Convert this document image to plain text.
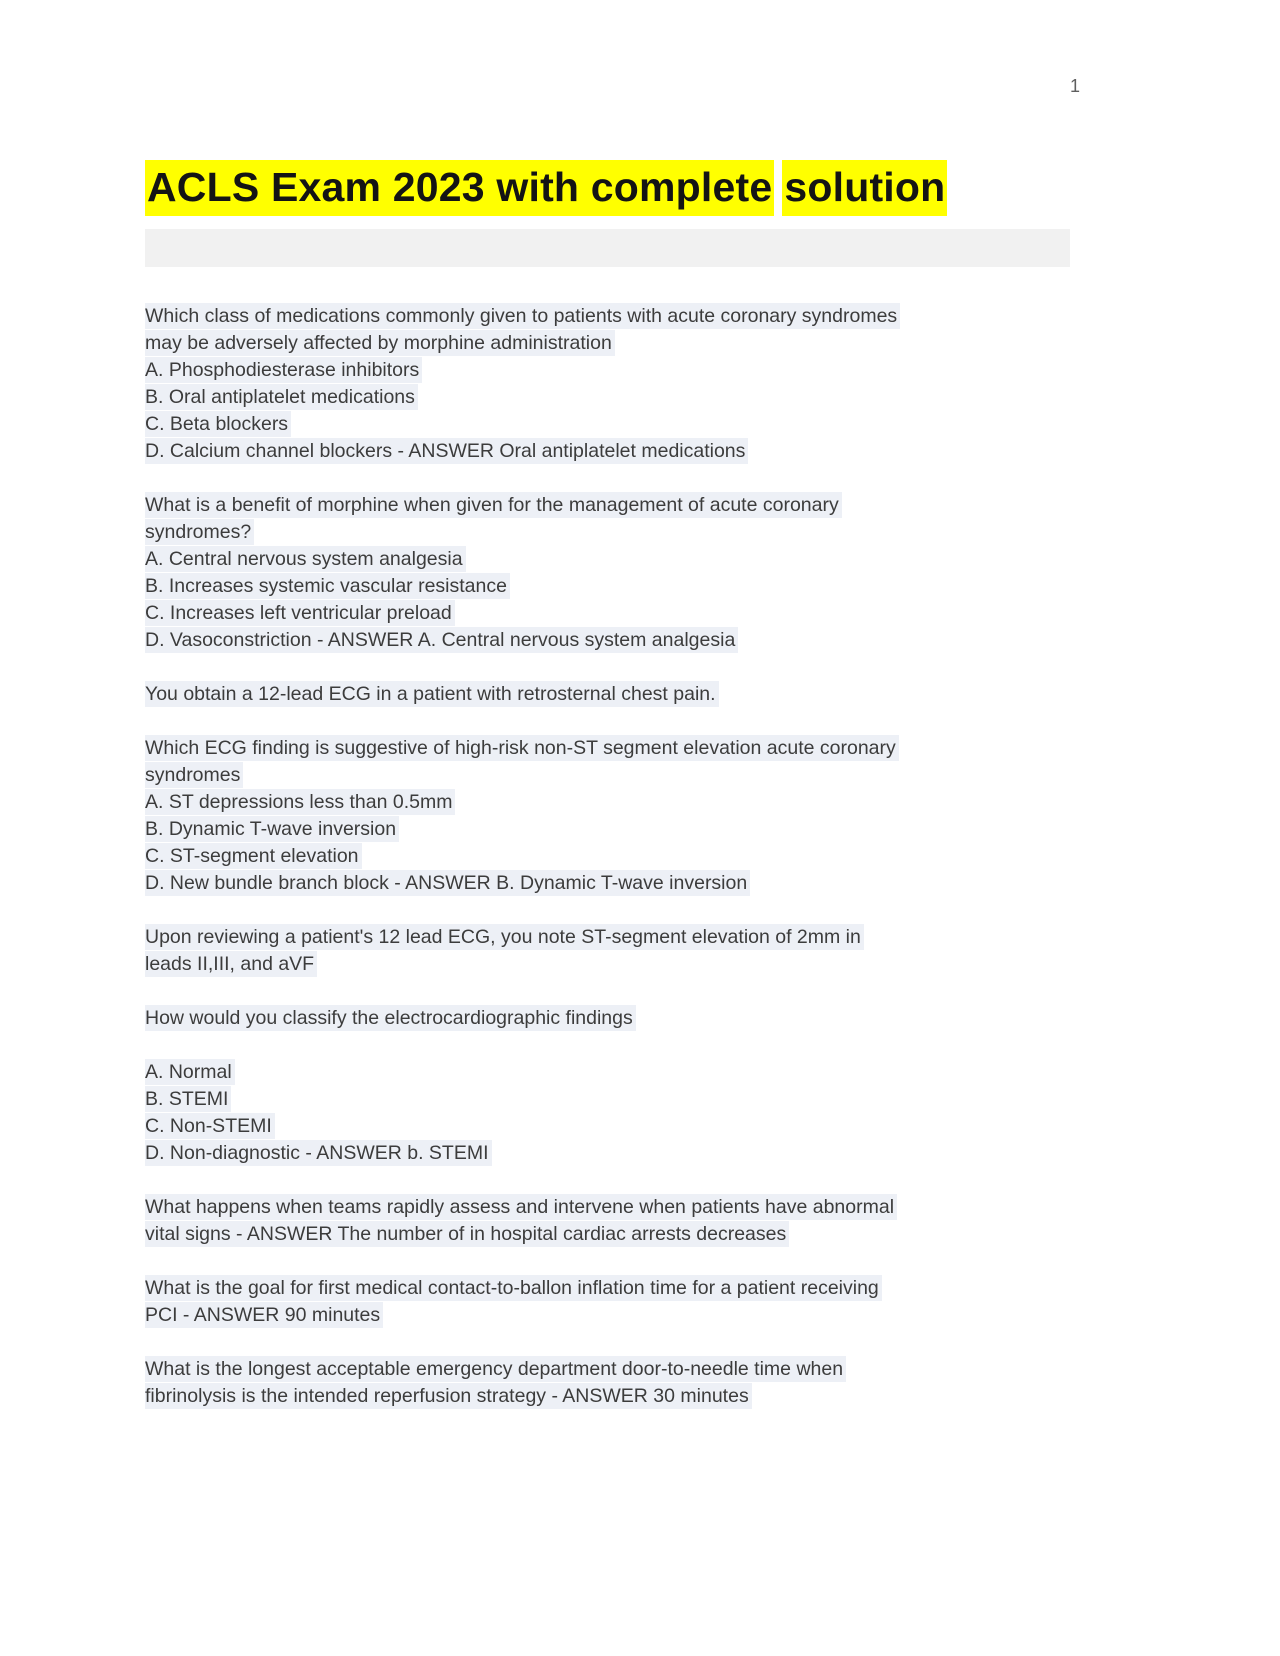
1
ACLS Exam 2023 with complete solution
Which class of medications commonly given to patients with acute coronary syndromes
may be adversely affected by morphine administration
A. Phosphodiesterase inhibitors
B. Oral antiplatelet medications
C. Beta blockers
D. Calcium channel blockers - ANSWER Oral antiplatelet medications
What is a benefit of morphine when given for the management of acute coronary
syndromes?
A. Central nervous system analgesia
B. Increases systemic vascular resistance
C. Increases left ventricular preload
D. Vasoconstriction - ANSWER A. Central nervous system analgesia
You obtain a 12-lead ECG in a patient with retrosternal chest pain.
Which ECG finding is suggestive of high-risk non-ST segment elevation acute coronary
syndromes
A. ST depressions less than 0.5mm
B. Dynamic T-wave inversion
C. ST-segment elevation
D. New bundle branch block - ANSWER B. Dynamic T-wave inversion
Upon reviewing a patient's 12 lead ECG, you note ST-segment elevation of 2mm in
leads II,III, and aVF
How would you classify the electrocardiographic findings
A. Normal
B. STEMI
C. Non-STEMI
D. Non-diagnostic - ANSWER b. STEMI
What happens when teams rapidly assess and intervene when patients have abnormal
vital signs - ANSWER The number of in hospital cardiac arrests decreases
What is the goal for first medical contact-to-ballon inflation time for a patient receiving
PCI - ANSWER 90 minutes
What is the longest acceptable emergency department door-to-needle time when
fibrinolysis is the intended reperfusion strategy - ANSWER 30 minutes
